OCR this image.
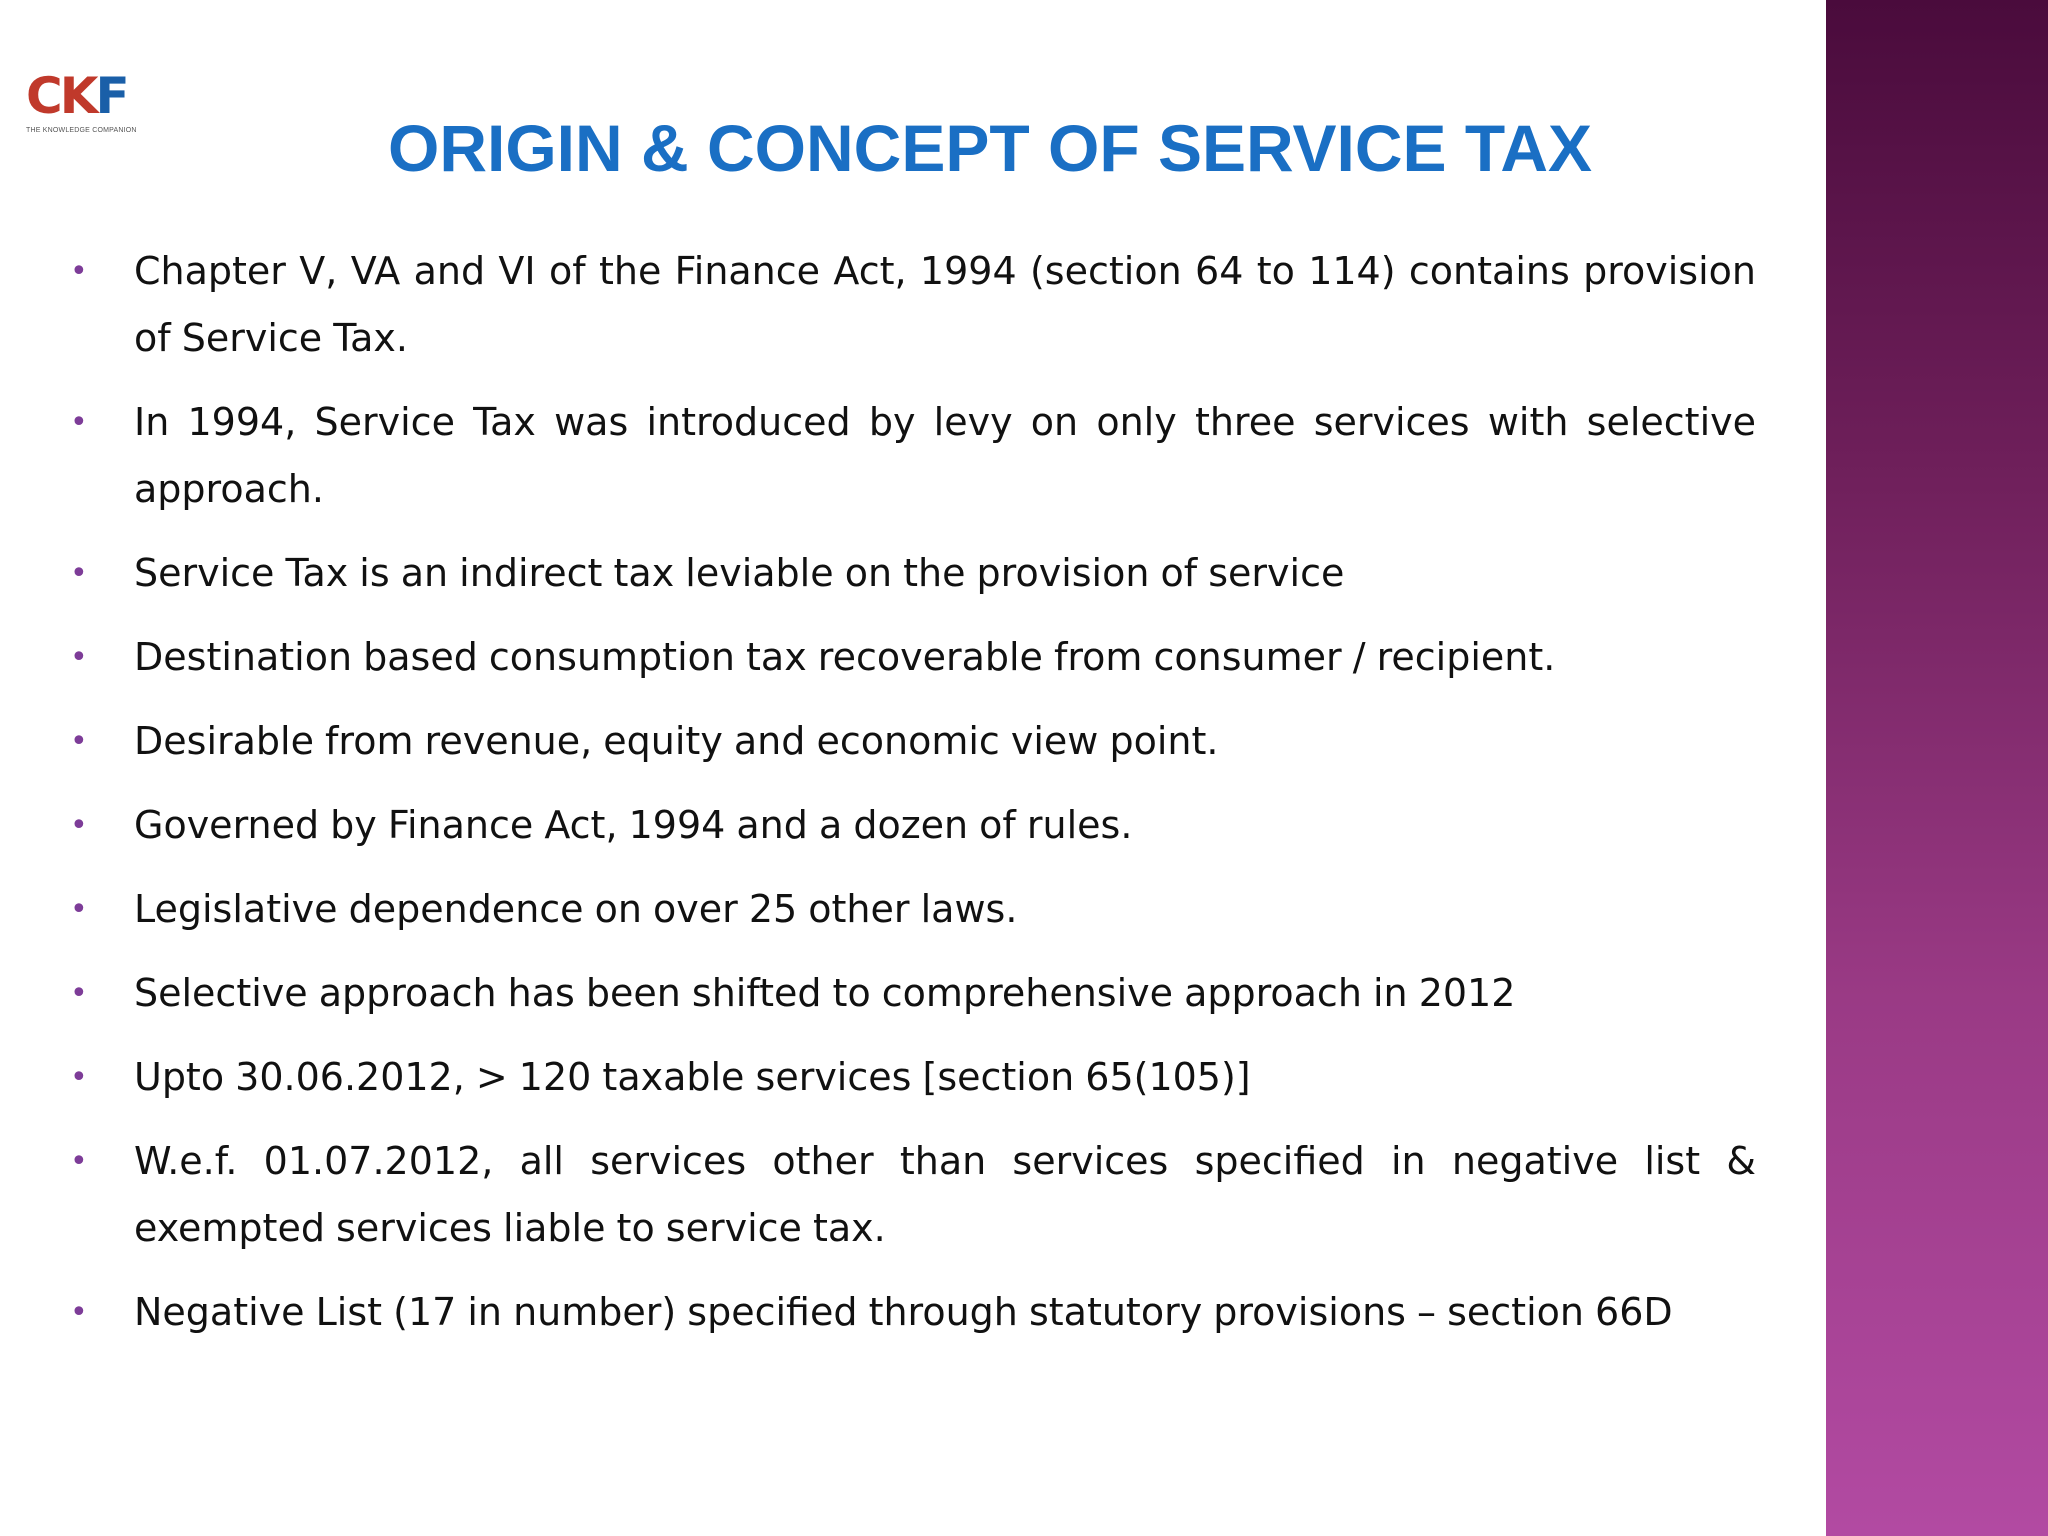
CKF
THE KNOWLEDGE COMPANION	ORIGIN & CONCEPT OF SERVICE TAX
• Chapter V, VA and VI of the Finance Act, 1994 (section 64 to 114) contains provision of Service Tax.
• In 1994, Service Tax was introduced by levy on only three services with selective approach.
• Service Tax is an indirect tax leviable on the provision of service
• Destination based consumption tax recoverable from consumer / recipient.
• Desirable from revenue, equity and economic view point.
• Governed by Finance Act, 1994 and a dozen of rules.
• Legislative dependence on over 25 other laws.
• Selective approach has been shifted to comprehensive approach in 2012
• Upto 30.06.2012, > 120 taxable services [section 65(105)]
• W.e.f. 01.07.2012, all services other than services specified in negative list & exempted services liable to service tax.
• Negative List (17 in number) specified through statutory provisions – section 66D
